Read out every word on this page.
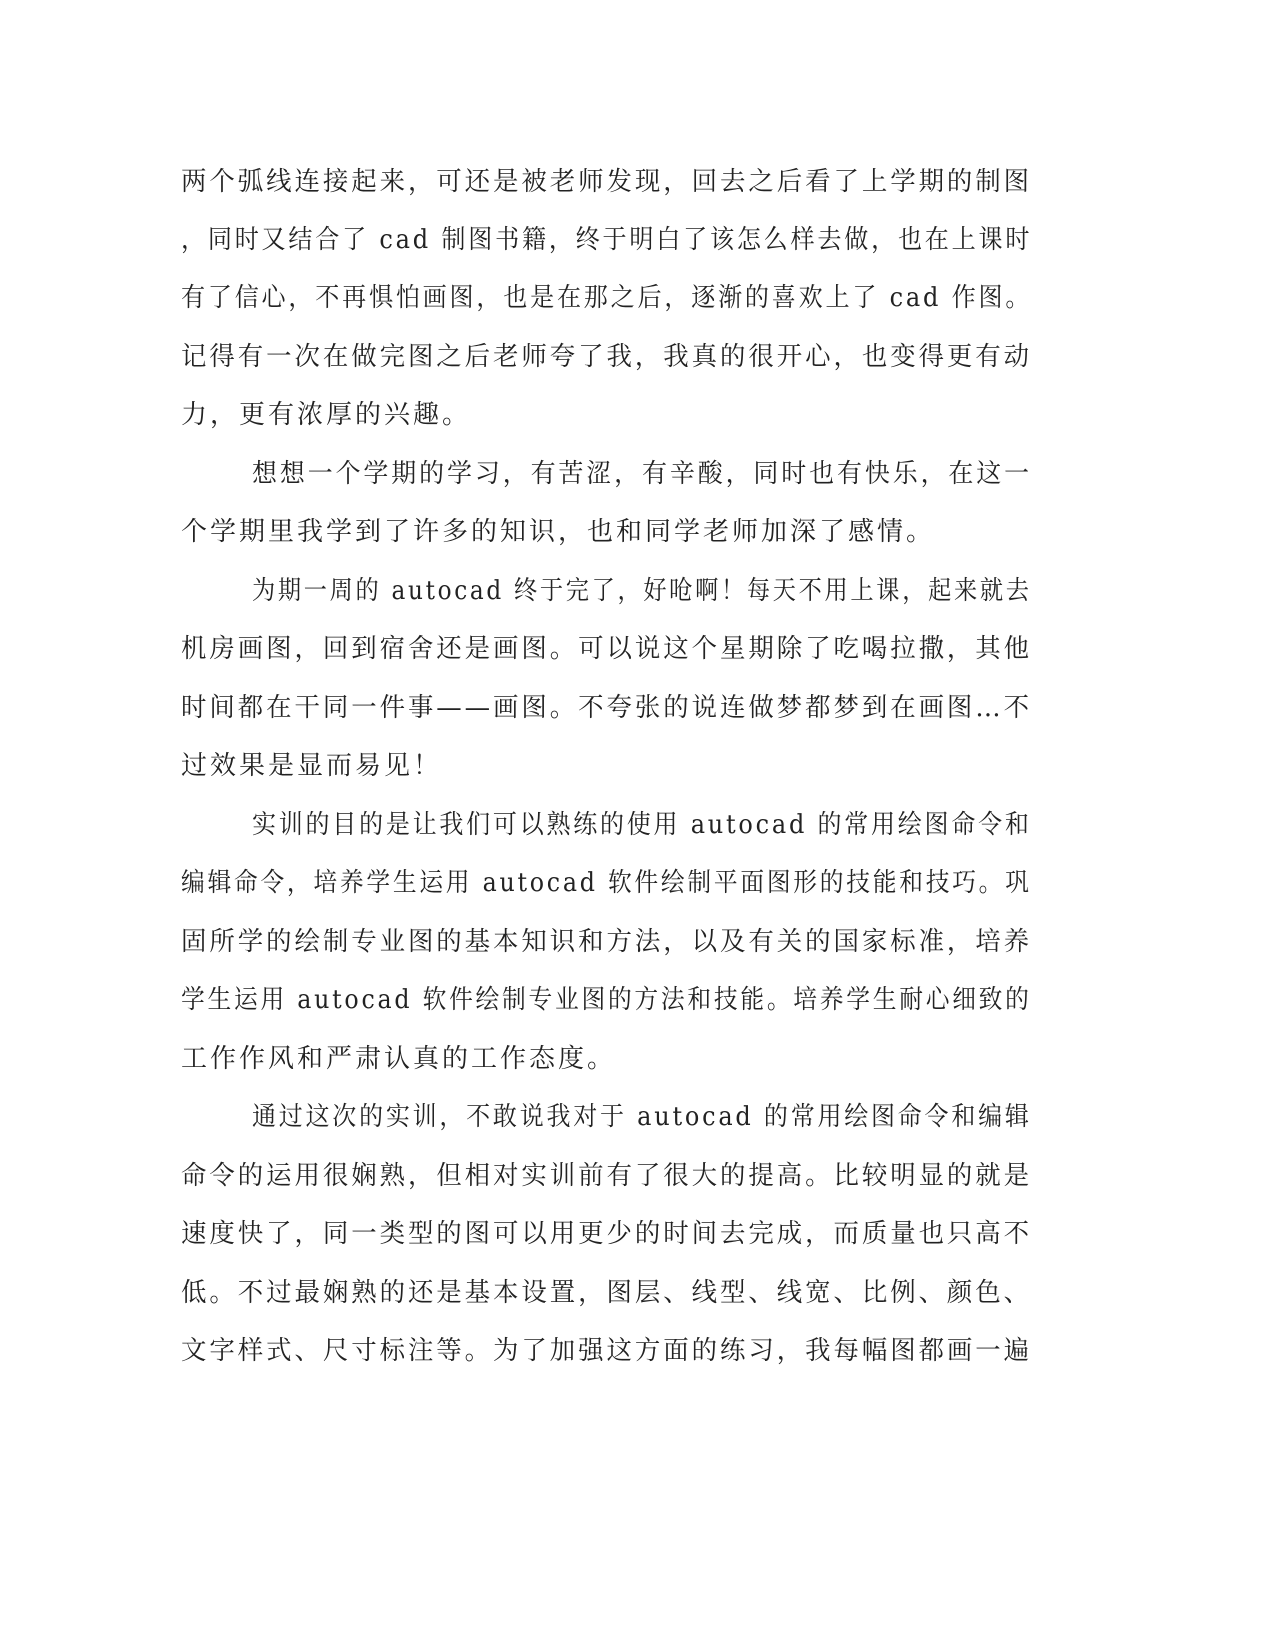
两个弧线连接起来，可还是被老师发现，回去之后看了上学期的制图
，同时又结合了 cad 制图书籍，终于明白了该怎么样去做，也在上课时
有了信心，不再惧怕画图，也是在那之后，逐渐的喜欢上了 cad 作图。
记得有一次在做完图之后老师夸了我，我真的很开心，也变得更有动
力，更有浓厚的兴趣。
想想一个学期的学习，有苦涩，有辛酸，同时也有快乐，在这一
个学期里我学到了许多的知识，也和同学老师加深了感情。
为期一周的 autocad 终于完了，好呛啊！每天不用上课，起来就去
机房画图，回到宿舍还是画图。可以说这个星期除了吃喝拉撒，其他
时间都在干同一件事——画图。不夸张的说连做梦都梦到在画图…不
过效果是显而易见！
实训的目的是让我们可以熟练的使用 autocad 的常用绘图命令和
编辑命令，培养学生运用 autocad 软件绘制平面图形的技能和技巧。巩
固所学的绘制专业图的基本知识和方法，以及有关的国家标准，培养
学生运用 autocad 软件绘制专业图的方法和技能。培养学生耐心细致的
工作作风和严肃认真的工作态度。
通过这次的实训，不敢说我对于 autocad 的常用绘图命令和编辑
命令的运用很娴熟，但相对实训前有了很大的提高。比较明显的就是
速度快了，同一类型的图可以用更少的时间去完成，而质量也只高不
低。不过最娴熟的还是基本设置，图层、线型、线宽、比例、颜色、
文字样式、尺寸标注等。为了加强这方面的练习，我每幅图都画一遍
